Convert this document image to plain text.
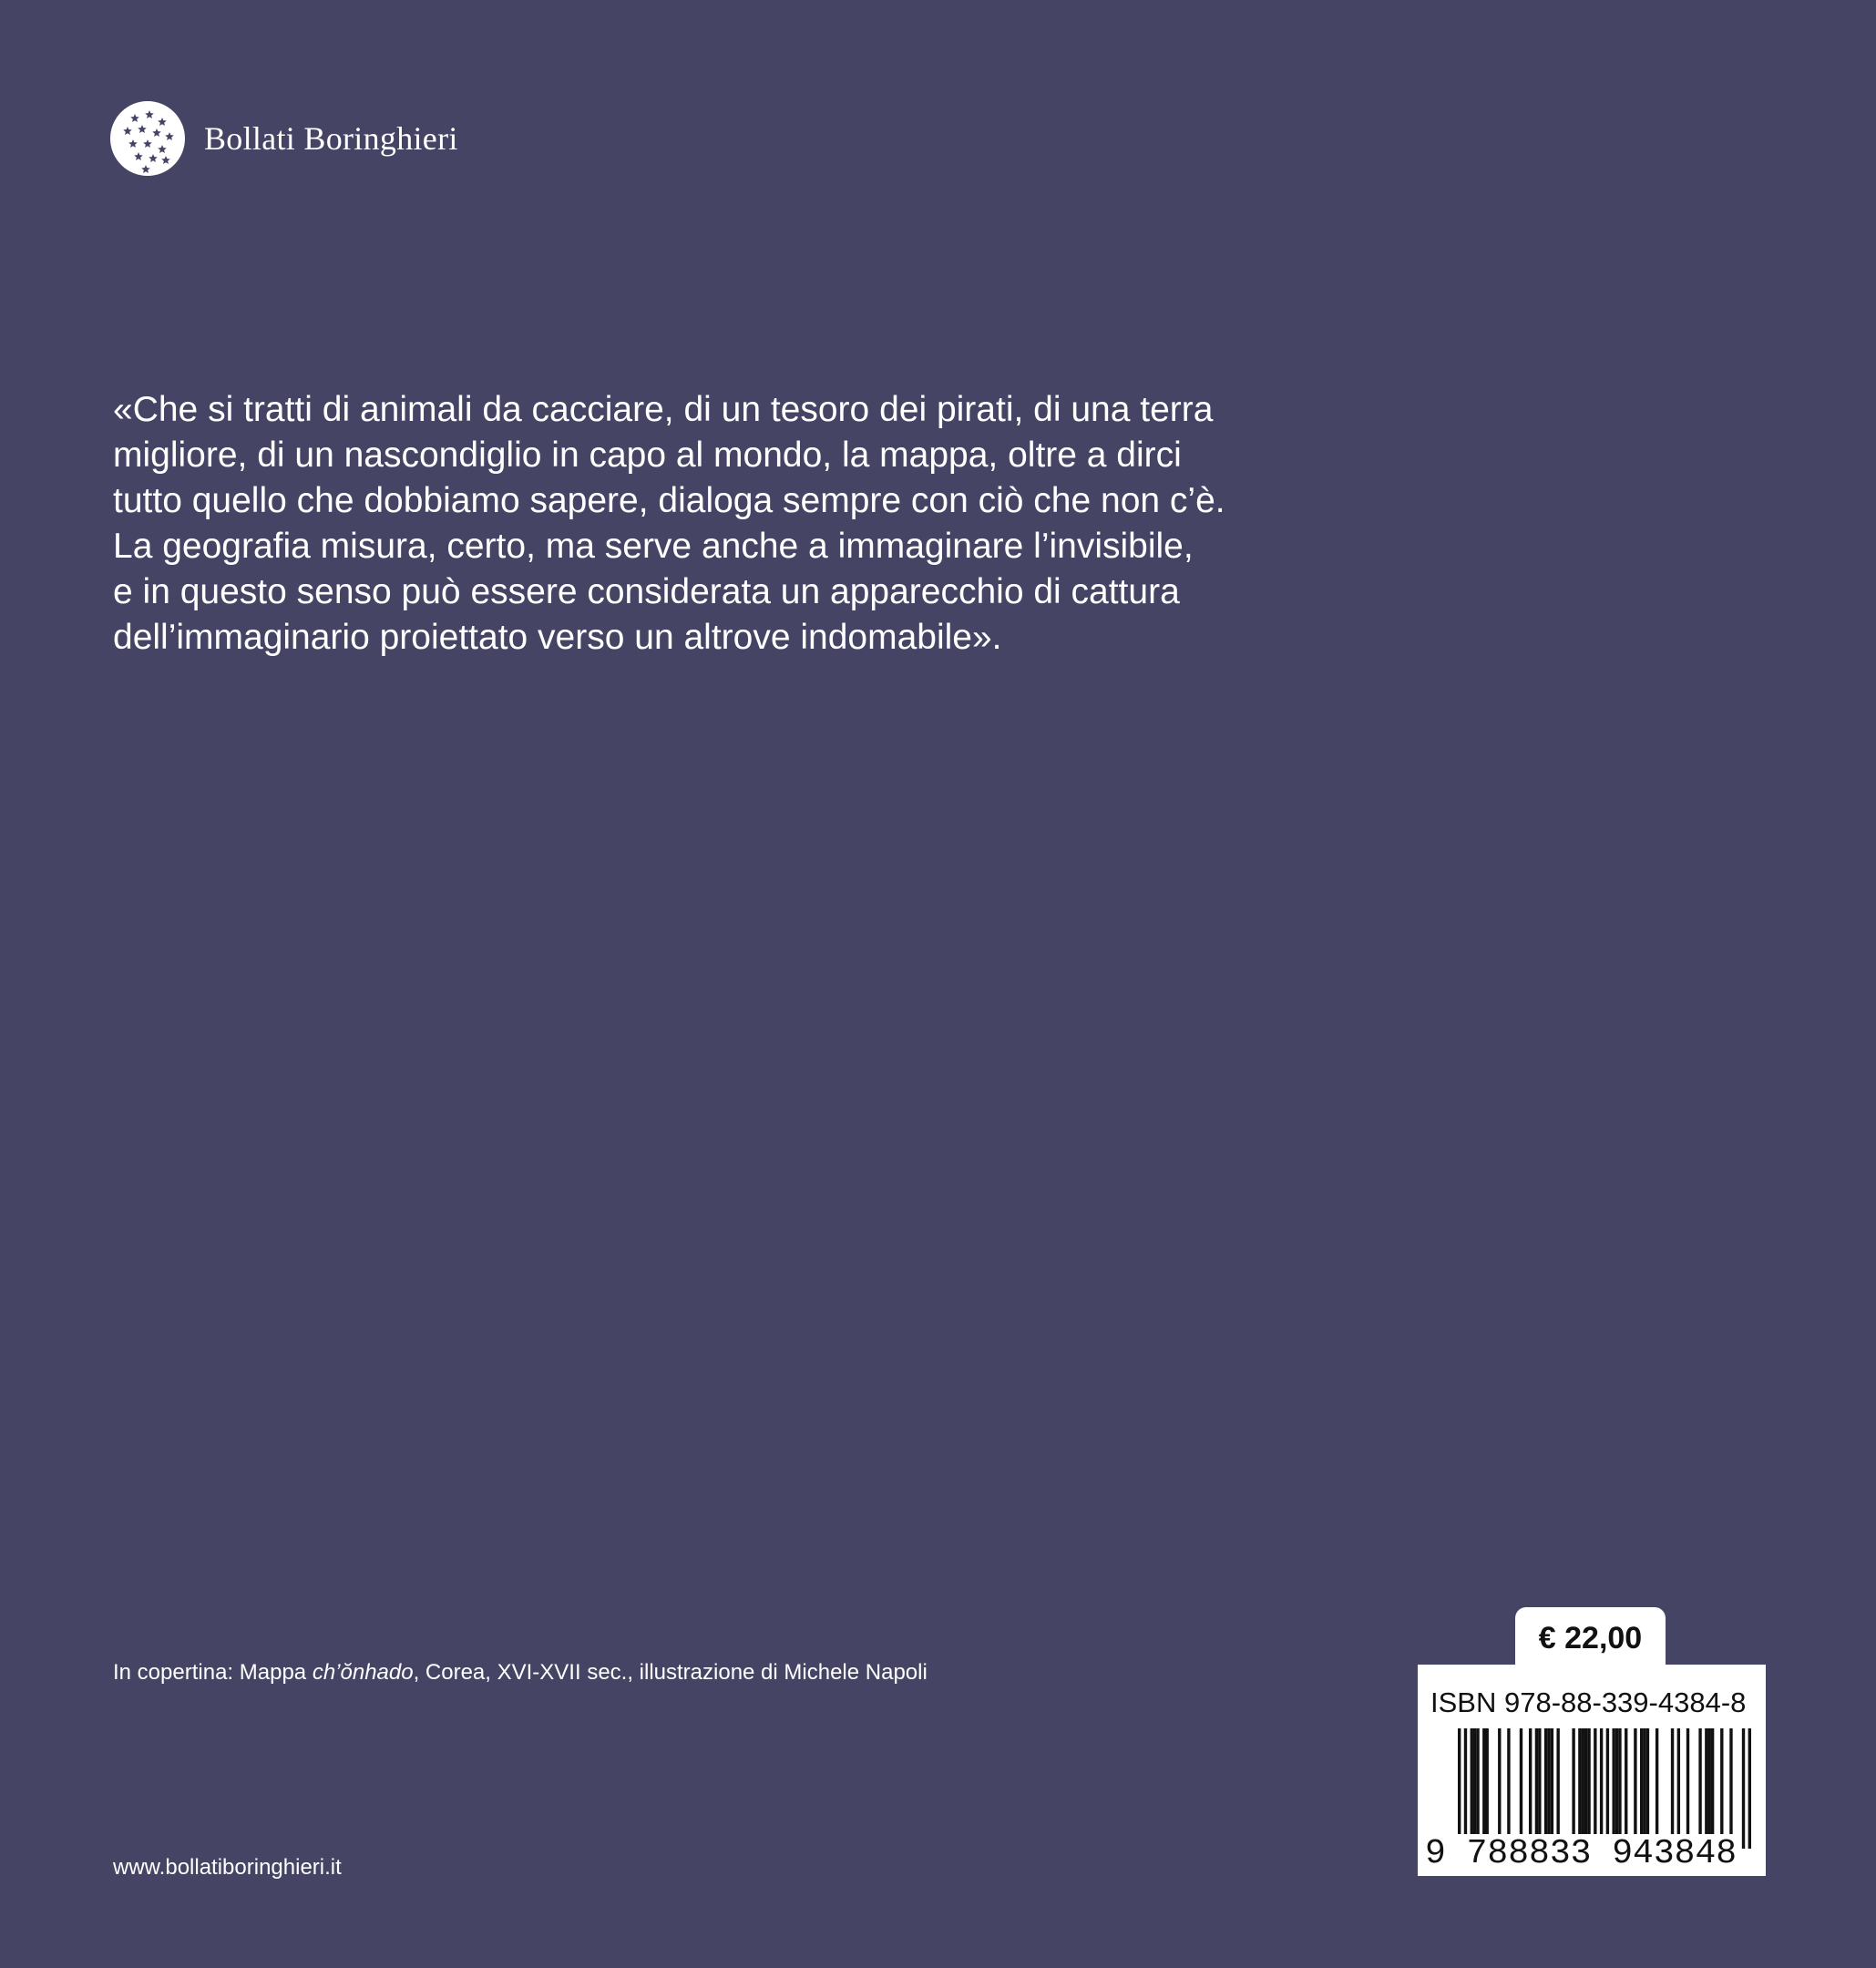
Bollati Boringhieri
«Che si tratti di animali da cacciare, di un tesoro dei pirati, di una terra
migliore, di un nascondiglio in capo al mondo, la mappa, oltre a dirci
tutto quello che dobbiamo sapere, dialoga sempre con ciò che non c’è.
La geografia misura, certo, ma serve anche a immaginare l’invisibile,
e in questo senso può essere considerata un apparecchio di cattura
dell’immaginario proiettato verso un altrove indomabile».
In copertina: Mappa ch’ŏnhado, Corea, XVI-XVII sec., illustrazione di Michele Napoli
www.bollatiboringhieri.it
€ 22,00
ISBN 978-88-339-4384-8
9 788833 943848
